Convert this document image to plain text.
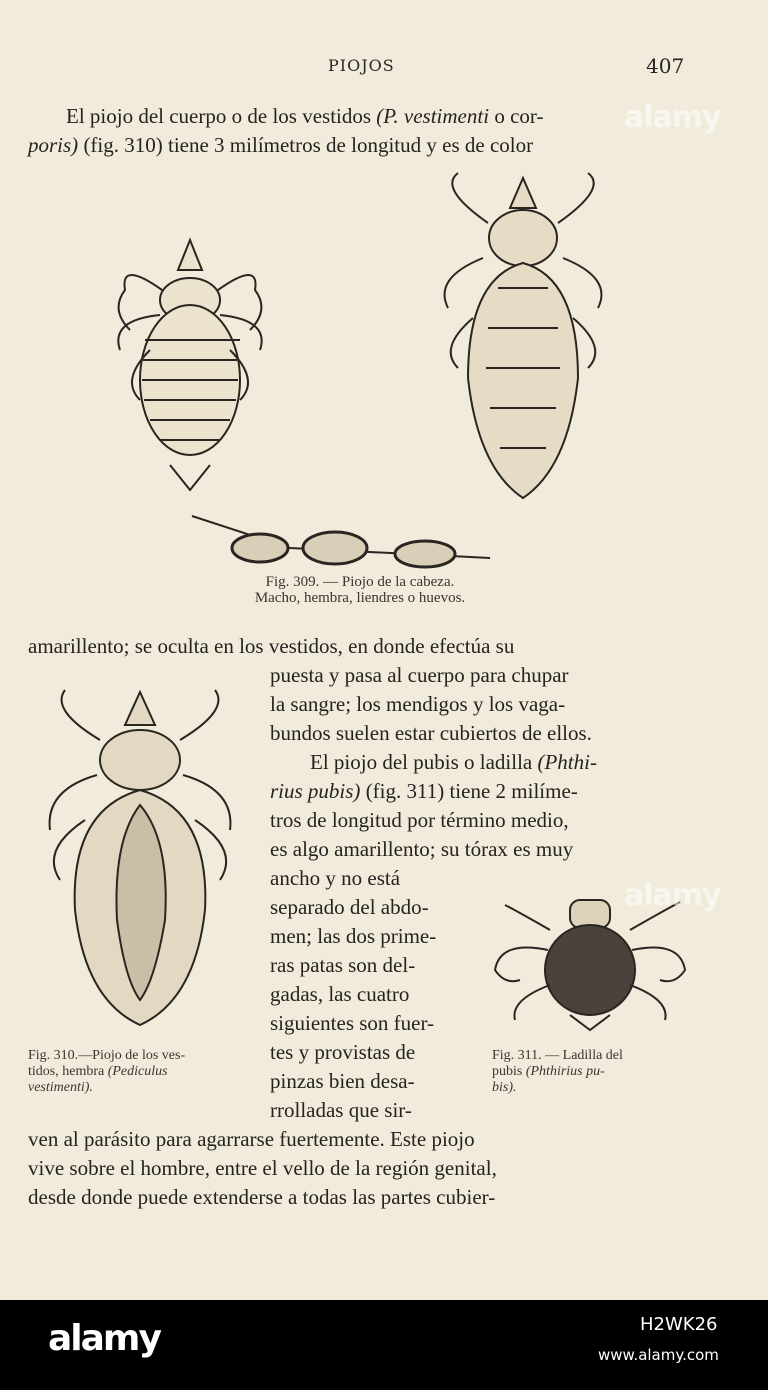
PIOJOS	407
El piojo del cuerpo o de los vestidos (P. vestimenti o cor-
poris) (fig. 310) tiene 3 milímetros de longitud y es de color
Fig. 309. — Piojo de la cabeza.
Macho, hembra, liendres o huevos.
amarillento; se oculta en los vestidos, en donde efectúa su
puesta y pasa al cuerpo para chupar
la sangre; los mendigos y los vaga-
bundos suelen estar cubiertos de ellos.
El piojo del pubis o ladilla (Phthi-
rius pubis) (fig. 311) tiene 2 milíme-
tros de longitud por término medio,
es algo amarillento; su tórax es muy
ancho y no está
separado del abdo-
men; las dos prime-
ras patas son del-
gadas, las cuatro
siguientes son fuer-
tes y provistas de
pinzas bien desa-
rrolladas que sir-
ven al parásito para agarrarse fuertemente. Este piojo
vive sobre el hombre, entre el vello de la región genital,
desde donde puede extenderse a todas las partes cubier-
Fig. 310.—Piojo de los ves-
tidos, hembra (Pediculus
vestimenti).
Fig. 311. — Ladilla del
pubis (Phthirius pu-
bis).
alamy
alamy
alamy	H2WK26
www.alamy.com
